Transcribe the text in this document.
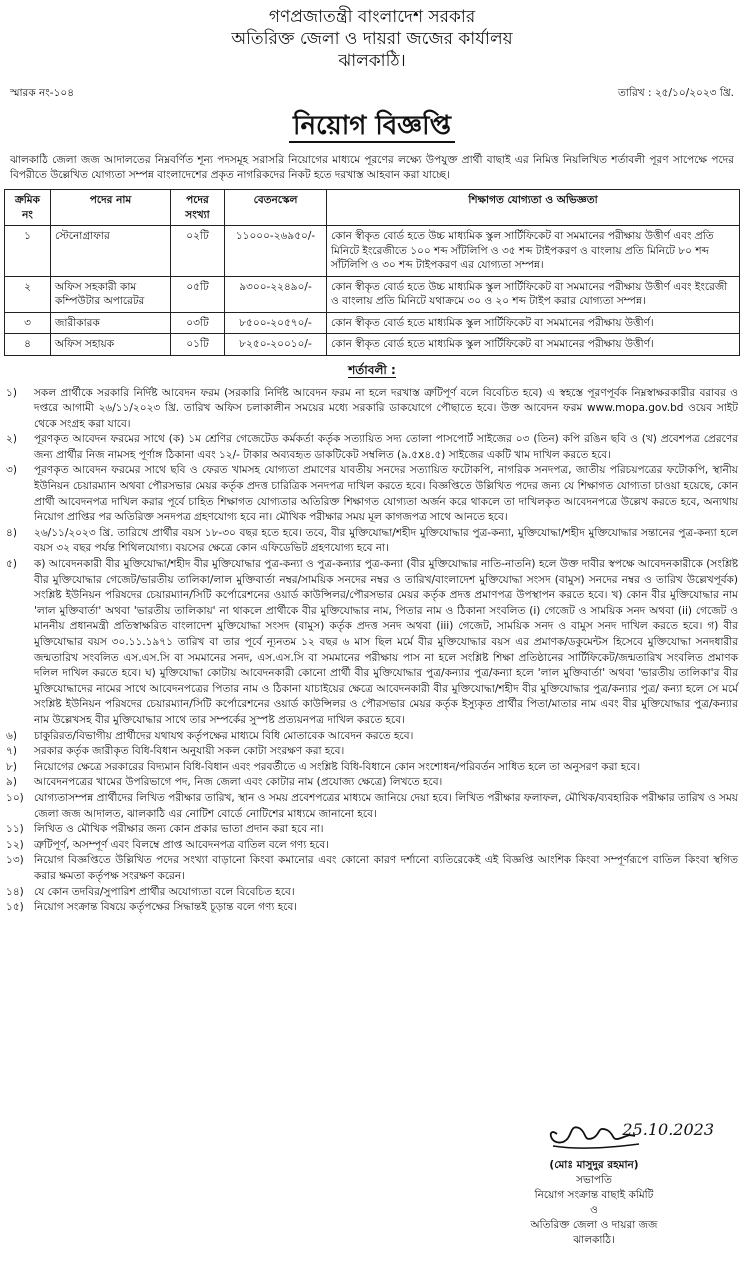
গণপ্রজাতন্ত্রী বাংলাদেশ সরকার
অতিরিক্ত জেলা ও দায়রা জজের কার্যালয়
ঝালকাঠি।
স্মারক নং-১০৪	তারিখ : ২৫/১০/২০২৩ খ্রি.
নিয়োগ বিজ্ঞপ্তি
ঝালকাঠি জেলা জজ আদালতের নিম্নবর্ণিত শূন্য পদসমূহ সরাসরি নিয়োগের মাধ্যমে পূরণের লক্ষ্যে উপযুক্ত প্রার্থী বাছাই এর নিমিত্ত নিয়লিখিত শর্তাবলী পূরণ সাপেক্ষে পদের বিপরীতে উল্লেখিত যোগ্যতা সম্পন্ন বাংলাদেশের প্রকৃত নাগরিকদের নিকট হতে দরখাস্ত আহবান করা যাচ্ছে।
ক্রমিক নং	পদের নাম	পদের সংখ্যা	বেতনস্কেল	শিক্ষাগত যোগ্যতা ও অভিজ্ঞতা
১	স্টেনোগ্রাফার	০২টি	১১০০০-২৬৯৫০/-	কোন স্বীকৃত বোর্ড হতে উচ্চ মাধ্যমিক স্কুল সার্টিফিকেট বা সমমানের পরীক্ষায় উত্তীর্ণ এবং প্রতি মিনিটে ইংরেজীতে ১০০ শব্দ সাঁটলিপি ও ৩৫ শব্দ টাইপকরণ ও বাংলায় প্রতি মিনিটে ৮০ শব্দ সাঁটলিপি ও ৩০ শব্দ টাইপকরণ এর যোগ্যতা সম্পন্ন।
২	অফিস সহকারী কাম কম্পিউটার অপারেটর	০৫টি	৯৩০০-২২৪৯০/-	কোন স্বীকৃত বোর্ড হতে উচ্চ মাধ্যমিক স্কুল সার্টিফিকেট বা সমমানের পরীক্ষায় উত্তীর্ণ এবং ইংরেজী ও বাংলায় প্রতি মিনিটে যথাক্রমে ৩০ ও ২০ শব্দ টাইপ করার যোগ্যতা সম্পন্ন।
৩	জারীকারক	০৩টি	৮৫০০-২০৫৭০/-	কোন স্বীকৃত বোর্ড হতে মাধ্যমিক স্কুল সার্টিফিকেট বা সমমানের পরীক্ষায় উত্তীর্ণ।
৪	অফিস সহায়ক	০১টি	৮২৫০-২০০১০/-	কোন স্বীকৃত বোর্ড হতে মাধ্যমিক স্কুল সার্টিফিকেট বা সমমানের পরীক্ষায় উত্তীর্ণ।
শর্তাবলী :
১)	সকল প্রার্থীকে সরকারি নির্দিষ্ট আবেদন ফরম (সরকারি নির্দিষ্ট আবেদন ফরম না হলে দরখাস্ত ত্রুটিপূর্ণ বলে বিবেচিত হবে) এ স্বহস্তে পূরণপূর্বক নিম্নস্বাক্ষরকারীর বরাবর ও দপ্তরে আগামী ২৬/১১/২০২৩ খ্রি. তারিখ অফিস চলাকালীন সময়ের মধ্যে সরকারি ডাকযোগে পৌছাতে হবে। উক্ত আবেদন ফরম www.mopa.gov.bd ওয়েব সাইট থেকে সংগ্রহ করা যাবে।
২)	পূরণকৃত আবেদন ফরমের সাথে (ক) ১ম শ্রেণির গেজেটেড কর্মকর্তা কর্তৃক সত্যায়িত সদ্য তোলা পাসপোর্ট সাইজের ০৩ (তিন) কপি রঙিন ছবি ও (খ) প্রবেশপত্র প্রেরণের জন্য প্রার্থীর নিজ নামসহ পূর্ণাঙ্গ ঠিকানা এবং ১২/- টাকার অব্যবহৃত ডাকটিকেট সম্বলিত (৯.৫x৪.৫) সাইজের একটি খাম দাখিল করতে হবে।
৩)	পূরণকৃত আবেদন ফরমের সাথে ছবি ও ফেরত খামসহ যোগ্যতা প্রমাণের যাবতীয় সনদের সত্যায়িত ফটোকপি, নাগরিক সনদপত্র, জাতীয় পরিচয়পত্রের ফটোকপি, স্থানীয় ইউনিয়ন চেয়ারম্যান অথবা পৌরসভার মেয়র কর্তৃক প্রদত্ত চারিত্রিক সনদপত্র দাখিল করতে হবে। বিজ্ঞপ্তিতে উল্লিখিত পদের জন্য যে শিক্ষাগত যোগ্যতা চাওয়া হয়েছে, কোন প্রার্থী আবেদনপত্র দাখিল করার পূর্বে চাহিত শিক্ষাগত যোগ্যতার অতিরিক্ত শিক্ষাগত যোগ্যতা অর্জন করে থাকলে তা দাখিলকৃত আবেদনপত্রে উল্লেখ করতে হবে, অন্যথায় নিয়োগ প্রাপ্তির পর অতিরিক্ত সনদপত্র গ্রহণযোগ্য হবে না। মৌখিক পরীক্ষার সময় মূল কাগজপত্র সাথে আনতে হবে।
৪)	২৬/১১/২০২৩ খ্রি. তারিখে প্রার্থীর বয়স ১৮-৩০ বছর হতে হবে। তবে, বীর মুক্তিযোদ্ধা/শহীদ মুক্তিযোদ্ধার পুত্র-কন্যা, মুক্তিযোদ্ধা/শহীদ মুক্তিযোদ্ধার সন্তানের পুত্র-কন্যা হলে বয়স ৩২ বছর পর্যন্ত শিথিলযোগ্য। বয়সের ক্ষেত্রে কোন এফিডেভিট গ্রহণযোগ্য হবে না।
৫)	ক) আবেদনকারী বীর মুক্তিযোদ্ধা/শহীদ বীর মুক্তিযোদ্ধার পুত্র-কন্যা ও পুত্র-কন্যার পুত্র-কন্যা (বীর মুক্তিযোদ্ধার নাতি-নাতনি) হলে উক্ত দাবীর স্বপক্ষে আবেদনকারীকে (সংশ্লিষ্ট বীর মুক্তিযোদ্ধার গেজেট/ভারতীয় তালিকা/লাল মুক্তিবার্তা নম্বর/সাময়িক সনদের নম্বর ও তারিখ/বাংলাদেশ মুক্তিযোদ্ধা সংসদ (বামুস) সনদের নম্বর ও তারিখ উল্লেখপূর্বক) সংশ্লিষ্ট ইউনিয়ন পরিষদের চেয়ারম্যান/সিটি কর্পোরেশনের ওয়ার্ড কাউন্সিলর/পৌরসভার মেয়র কর্তৃক প্রদত্ত প্রমাণপত্র উপস্থাপন করতে হবে। খ) কোন বীর মুক্তিযোদ্ধার নাম 'লাল মুক্তিবার্তা' অথবা 'ভারতীয় তালিকায়' না থাকলে প্রার্থীকে বীর মুক্তিযোদ্ধার নাম, পিতার নাম ও ঠিকানা সংবলিত (i) গেজেট ও সাময়িক সনদ অথবা (ii) গেজেট ও মাননীয় প্রধানমন্ত্রী প্রতিস্বাক্ষরিত বাংলাদেশ মুক্তিযোদ্ধা সংসদ (বামুস) কর্তৃক প্রদত্ত সনদ অথবা (iii) গেজেট, সাময়িক সনদ ও বামুস সনদ দাখিল করতে হবে। গ) বীর মুক্তিযোদ্ধার বয়স ৩০.১১.১৯৭১ তারিখ বা তার পূর্বে ন্যূনতম ১২ বছর ৬ মাস ছিল মর্মে বীর মুক্তিযোদ্ধার বয়স এর প্রমাণক/ডকুমেন্টস হিসেবে মুক্তিযোদ্ধা সনদধারীর জন্মতারিখ সংবলিত এস.এস.সি বা সমমানের সনদ, এস.এস.সি বা সমমানের পরীক্ষায় পাস না হলে সংশ্লিষ্ট শিক্ষা প্রতিষ্ঠানের সার্টিফিকেট/জন্মতারিখ সংবলিত প্রমাণক দলিল দাখিল করতে হবে। ঘ) মুক্তিযোদ্ধা কোটায় আবেদনকারী কোনো প্রার্থী বীর মুক্তিযোদ্ধার পুত্র/কন্যার পুত্র/কন্যা হলে 'লাল মুক্তিবার্তা' অথবা 'ভারতীয় তালিকা'র বীর মুক্তিযোদ্ধাদের নামের সাথে আবেদনপত্রের পিতার নাম ও ঠিকানা যাচাইয়ের ক্ষেত্রে আবেদনকারী বীর মুক্তিযোদ্ধা/শহীদ বীর মুক্তিযোদ্ধার পুত্র/কন্যার পুত্র/ কন্যা হলে সে মর্মে সংশ্লিষ্ট ইউনিয়ন পরিষদের চেয়ারম্যান/সিটি কর্পোরেশনের ওয়ার্ড কাউন্সিলর ও পৌরসভার মেয়র কর্তৃক ইস্যুকৃত প্রার্থীর পিতা/মাতার নাম এবং বীর মুক্তিযোদ্ধার পুত্র/কন্যার নাম উল্লেখসহ বীর মুক্তিযোদ্ধার সাথে তার সম্পর্কের সুস্পষ্ট প্রত্যয়নপত্র দাখিল করতে হবে।
৬)	চাকুরিরত/বিভাগীয় প্রার্থীদের যথাযথ কর্তৃপক্ষের মাধ্যমে বিধি মোতাবেক আবেদন করতে হবে।
৭)	সরকার কর্তৃক জারীকৃত বিধি-বিধান অনুযায়ী সকল কোটা সংরক্ষণ করা হবে।
৮)	নিয়োগের ক্ষেত্রে সরকারের বিদ্যমান বিধি-বিধান এবং পরবর্তীতে এ সংশ্লিষ্ট বিধি-বিধানে কোন সংশোধন/পরিবর্তন সাধিত হলে তা অনুসরণ করা হবে।
৯)	আবেদনপত্রের খামের উপরিভাগে পদ, নিজ জেলা এবং কোটার নাম (প্রযোজ্য ক্ষেত্রে) লিখতে হবে।
১০) যোগ্যতাসম্পন্ন প্রার্থীদের লিখিত পরীক্ষার তারিখ, স্থান ও সময় প্রবেশপত্রের মাধ্যমে জানিয়ে দেয়া হবে। লিখিত পরীক্ষার ফলাফল, মৌখিক/ব্যবহারিক পরীক্ষার তারিখ ও সময় জেলা জজ আদালত, ঝালকাঠি এর নোটিশ বোর্ডে নোটিশের মাধ্যমে জানানো হবে।
১১) লিখিত ও মৌখিক পরীক্ষার জন্য কোন প্রকার ভাতা প্রদান করা হবে না।
১২) ত্রুটিপূর্ণ, অসম্পূর্ণ এবং বিলম্বে প্রাপ্ত আবেদনপত্র বাতিল বলে গণ্য হবে।
১৩) নিয়োগ বিজ্ঞপ্তিতে উল্লিখিত পদের সংখ্যা বাড়ানো কিংবা কমানোর এবং কোনো কারণ দর্শানো ব্যতিরেকেই এই বিজ্ঞপ্তি আংশিক কিংবা সম্পূর্ণরূপে বাতিল কিংবা স্থগিত করার ক্ষমতা কর্তৃপক্ষ সংরক্ষণ করেন।
১৪) যে কোন তদবির/সুপারিশ প্রার্থীর অযোগ্যতা বলে বিবেচিত হবে।
১৫) নিয়োগ সংক্রান্ত বিষয়ে কর্তৃপক্ষের সিদ্ধান্তই চূড়ান্ত বলে গণ্য হবে।
25.10.2023
(মোঃ মাসুদুর রহমান)
সভাপতি
নিয়োগ সংক্রান্ত বাছাই কমিটি
ও
অতিরিক্ত জেলা ও দায়রা জজ
ঝালকাঠি।
